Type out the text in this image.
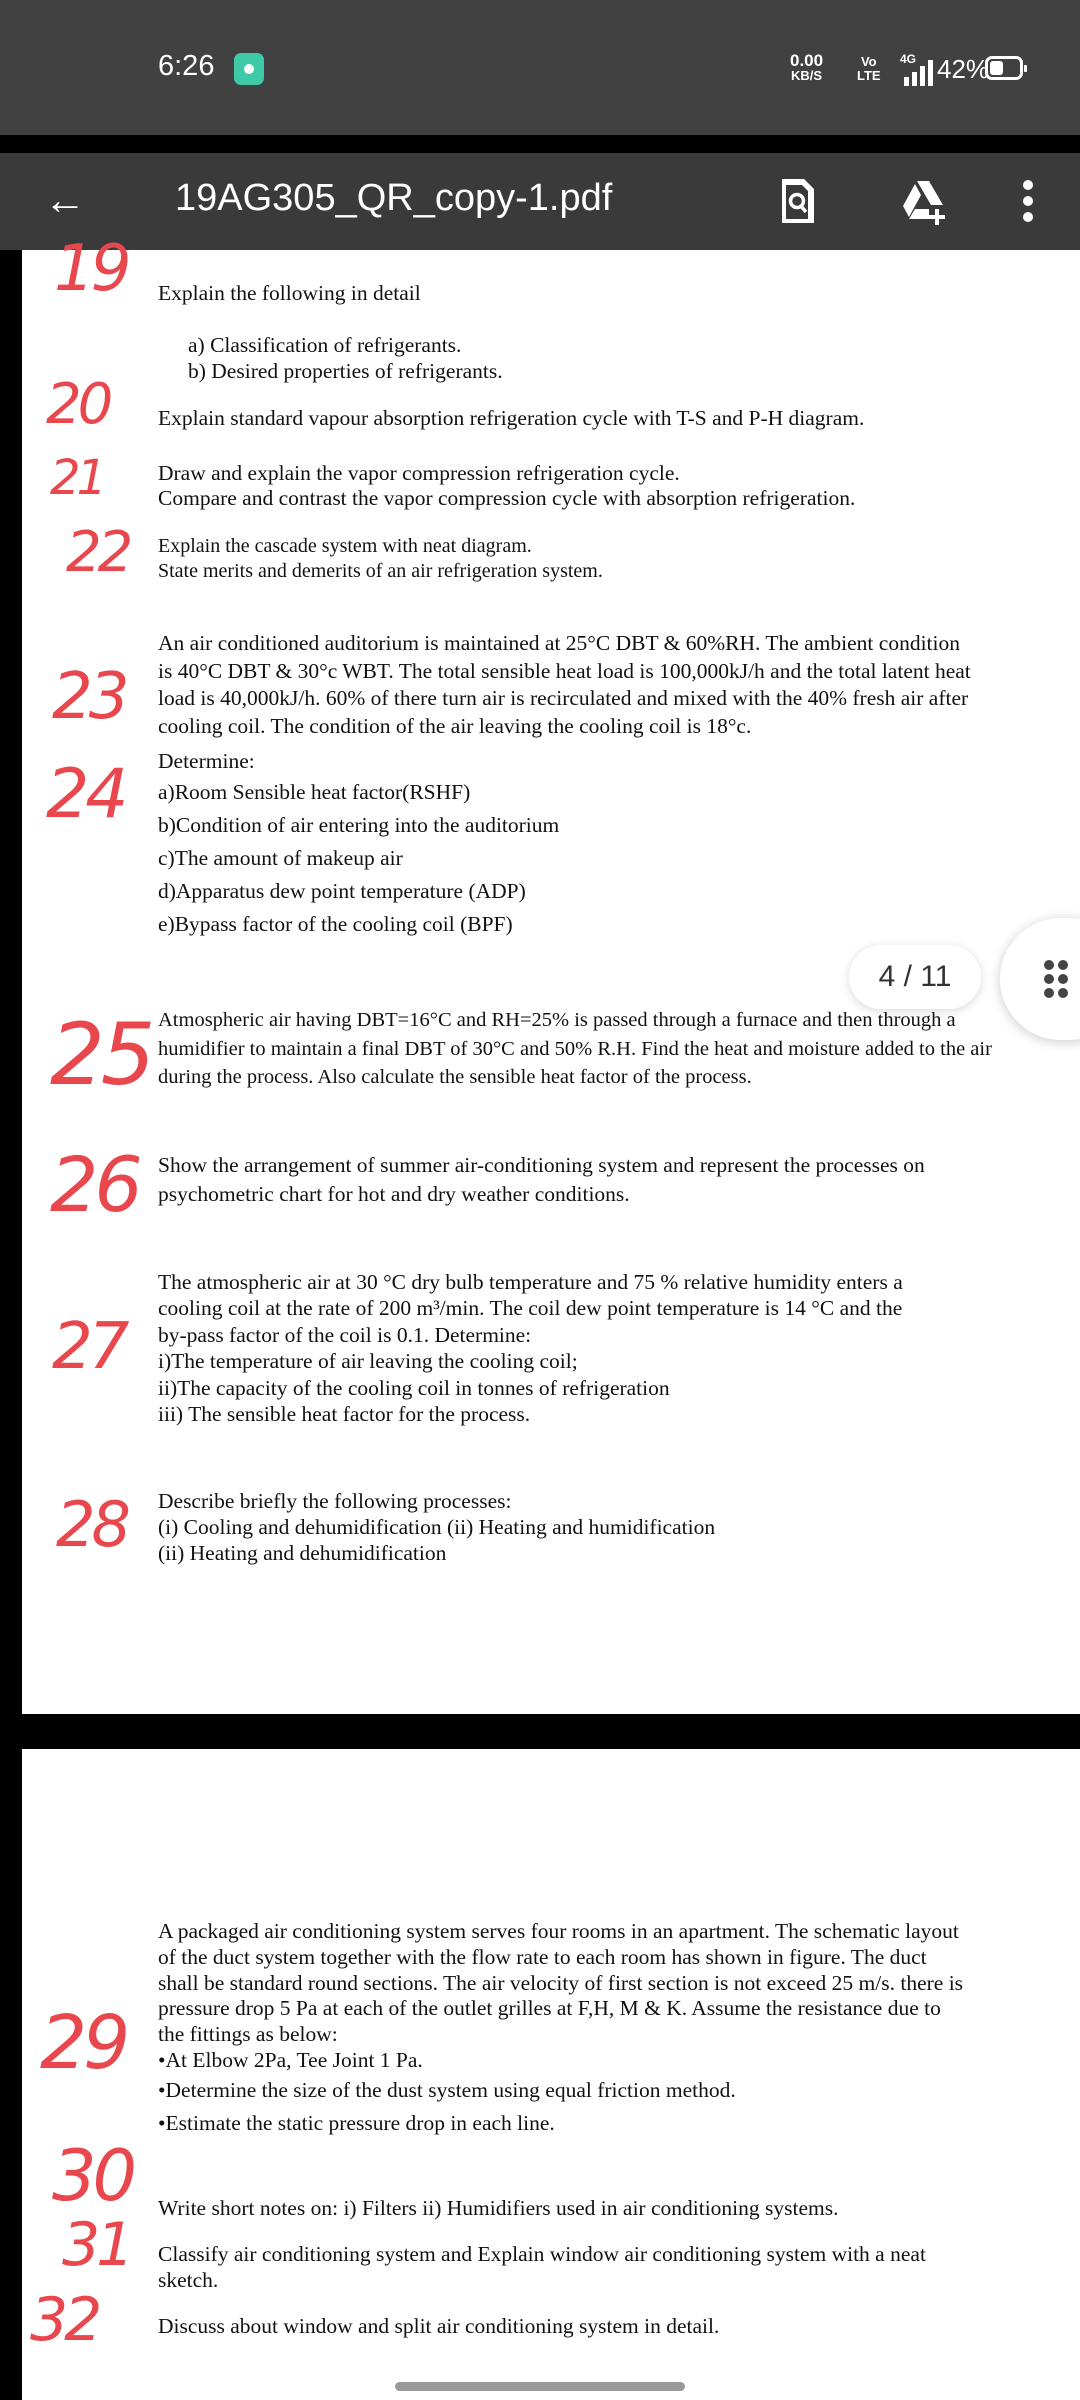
6:26	0.00
KB/S
Vo
LTE
4G 42%
← 19AG305_QR_copy-1.pdf
19
20
21
22
23
24
25
26
27
28
29
30
31
32
Explain the following in detail
a) Classification of refrigerants.
b) Desired properties of refrigerants.
Explain standard vapour absorption refrigeration cycle with T-S and P-H diagram.
Draw and explain the vapor compression refrigeration cycle.
Compare and contrast the vapor compression cycle with absorption refrigeration.
Explain the cascade system with neat diagram.
State merits and demerits of an air refrigeration system.
An air conditioned auditorium is maintained at 25°C DBT & 60%RH. The ambient condition
is 40°C DBT & 30°c WBT. The total sensible heat load is 100,000kJ/h and the total latent heat
load is 40,000kJ/h. 60% of there turn air is recirculated and mixed with the 40% fresh air after
cooling coil. The condition of the air leaving the cooling coil is 18°c.
Determine:
a)Room Sensible heat factor(RSHF)
b)Condition of air entering into the auditorium
c)The amount of makeup air
d)Apparatus dew point temperature (ADP)
e)Bypass factor of the cooling coil (BPF)
Atmospheric air having DBT=16°C and RH=25% is passed through a furnace and then through a
humidifier to maintain a final DBT of 30°C and 50% R.H. Find the heat and moisture added to the air
during the process. Also calculate the sensible heat factor of the process.
Show the arrangement of summer air-conditioning system and represent the processes on
psychometric chart for hot and dry weather conditions.
The atmospheric air at 30 °C dry bulb temperature and 75 % relative humidity enters a
cooling coil at the rate of 200 m³/min. The coil dew point temperature is 14 °C and the
by-pass factor of the coil is 0.1. Determine:
i)The temperature of air leaving the cooling coil;
ii)The capacity of the cooling coil in tonnes of refrigeration
iii) The sensible heat factor for the process.
Describe briefly the following processes:
(i) Cooling and dehumidification (ii) Heating and humidification
(ii) Heating and dehumidification
A packaged air conditioning system serves four rooms in an apartment. The schematic layout
of the duct system together with the flow rate to each room has shown in figure. The duct
shall be standard round sections. The air velocity of first section is not exceed 25 m/s. there is
pressure drop 5 Pa at each of the outlet grilles at F,H, M & K. Assume the resistance due to
the fittings as below:
•At Elbow 2Pa, Tee Joint 1 Pa.
•Determine the size of the dust system using equal friction method.
•Estimate the static pressure drop in each line.
Write short notes on: i) Filters ii) Humidifiers used in air conditioning systems.
Classify air conditioning system and Explain window air conditioning system with a neat
sketch.
Discuss about window and split air conditioning system in detail.
4 / 11
